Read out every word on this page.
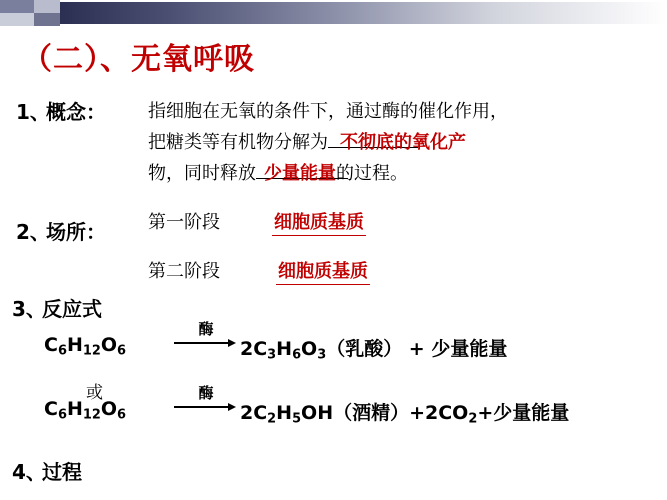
（二）、无氧呼吸
1、
概念： 指细胞在无氧的条件下，通过酶的催化作用，
把糖类等有机物分解为 不彻底的氧化产
物，同时释放 少量能量的过程。
2、
场所： 第一阶段	细胞质基质
第二阶段	细胞质基质
3、
反应式
$C_6H_{12}O_6$
酶
$2C_3H_6O_3$（乳酸） + 少量能量
或
$C_6H_{12}O_6$
酶
$2C_2H_5OH$（酒精）$+2CO_2+$少量能量
4、
过程
